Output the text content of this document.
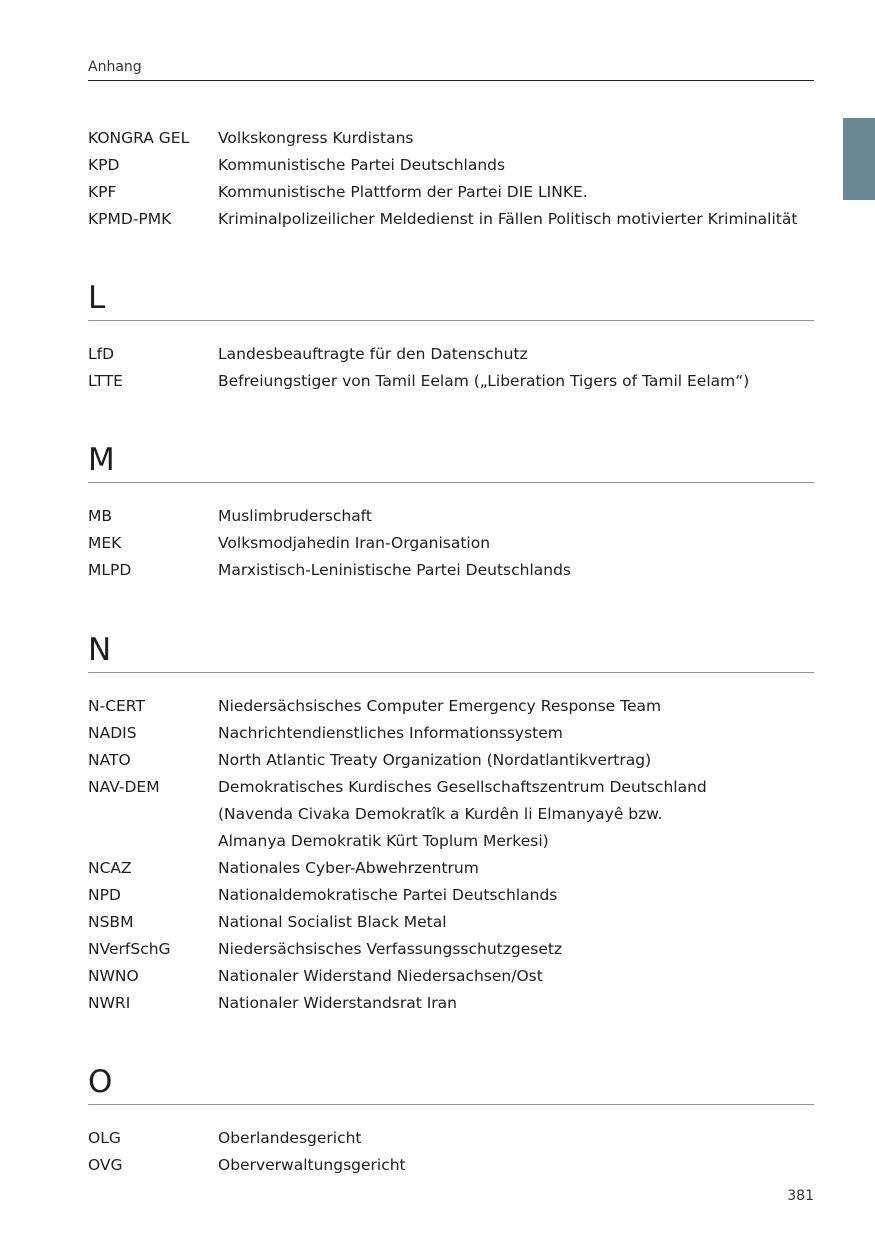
Anhang
KONGRA GEL	Volkskongress Kurdistans
KPD	Kommunistische Partei Deutschlands
KPF	Kommunistische Plattform der Partei DIE LINKE.
KPMD-PMK	Kriminalpolizeilicher Meldedienst in Fällen Politisch motivierter Kriminalität
L
LfD	Landesbeauftragte für den Datenschutz
LTTE	Befreiungstiger von Tamil Eelam („Liberation Tigers of Tamil Eelam“)
M
MB	Muslimbruderschaft
MEK	Volksmodjahedin Iran-Organisation
MLPD	Marxistisch-Leninistische Partei Deutschlands
N
N-CERT	Niedersächsisches Computer Emergency Response Team
NADIS	Nachrichtendienstliches Informationssystem
NATO	North Atlantic Treaty Organization (Nordatlantikvertrag)
NAV-DEM	Demokratisches Kurdisches Gesellschaftszentrum Deutschland
(Navenda Civaka Demokratîk a Kurdên li Elmanyayê bzw.
Almanya Demokratik Kürt Toplum Merkesi)
NCAZ	Nationales Cyber-Abwehrzentrum
NPD	Nationaldemokratische Partei Deutschlands
NSBM	National Socialist Black Metal
NVerfSchG	Niedersächsisches Verfassungsschutzgesetz
NWNO	Nationaler Widerstand Niedersachsen/Ost
NWRI	Nationaler Widerstandsrat Iran
O
OLG	Oberlandesgericht
OVG	Oberverwaltungsgericht
381
